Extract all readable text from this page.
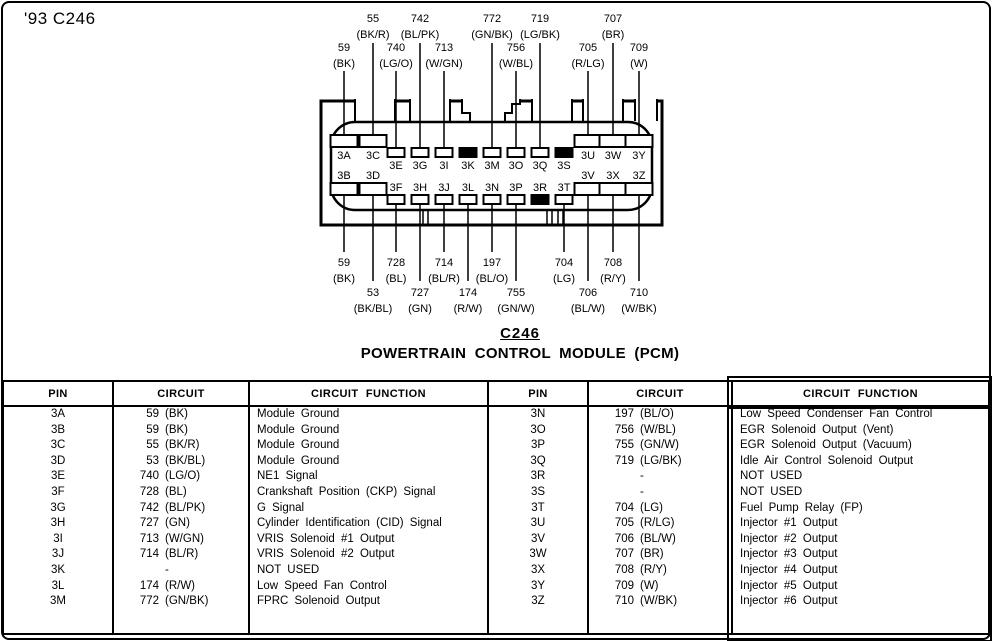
'93 C246
3A 3C
3E 3G 3I 3K 3M 3O 3Q 3S
3U 3W 3Y
3B 3D
3F 3H 3J 3L 3N 3P 3R 3T
3V 3X 3Z
59
(BK)
55
(BK/R)
740
(LG/O)
742
(BL/PK)
713
(W/GN)
772
(GN/BK)
756
(W/BL)
719
(LG/BK)
705
(R/LG)
707
(BR)
709
(W)
59
(BK)
53
(BK/BL)
728
(BL)
727
(GN)
714
(BL/R)
174
(R/W)
197
(BL/O)
755
(GN/W)
704
(LG)
706
(BL/W)
708
(R/Y)
710
(W/BK)
C246
POWERTRAIN CONTROL MODULE (PCM)
PIN	CIRCUIT	CIRCUIT FUNCTION	PIN	CIRCUIT	CIRCUIT FUNCTION
3A	59 (BK)	Module Ground	3N	197 (BL/O)	Low Speed Condenser Fan Control
3B	59 (BK)	Module Ground	3O	756 (W/BL)	EGR Solenoid Output (Vent)
3C	55 (BK/R)	Module Ground	3P	755 (GN/W)	EGR Solenoid Output (Vacuum)
3D	53 (BK/BL)	Module Ground	3Q	719 (LG/BK)	Idle Air Control Solenoid Output
3E	740 (LG/O)	NE1 Signal	3R	-	NOT USED
3F	728 (BL)	Crankshaft Position (CKP) Signal	3S	-	NOT USED
3G	742 (BL/PK)	G Signal	3T	704 (LG)	Fuel Pump Relay (FP)
3H	727 (GN)	Cylinder Identification (CID) Signal	3U	705 (R/LG)	Injector #1 Output
3I	713 (W/GN)	VRIS Solenoid #1 Output	3V	706 (BL/W)	Injector #2 Output
3J	714 (BL/R)	VRIS Solenoid #2 Output	3W	707 (BR)	Injector #3 Output
3K	-	NOT USED	3X	708 (R/Y)	Injector #4 Output
3L	174 (R/W)	Low Speed Fan Control	3Y	709 (W)	Injector #5 Output
3M	772 (GN/BK)	FPRC Solenoid Output	3Z	710 (W/BK)	Injector #6 Output
